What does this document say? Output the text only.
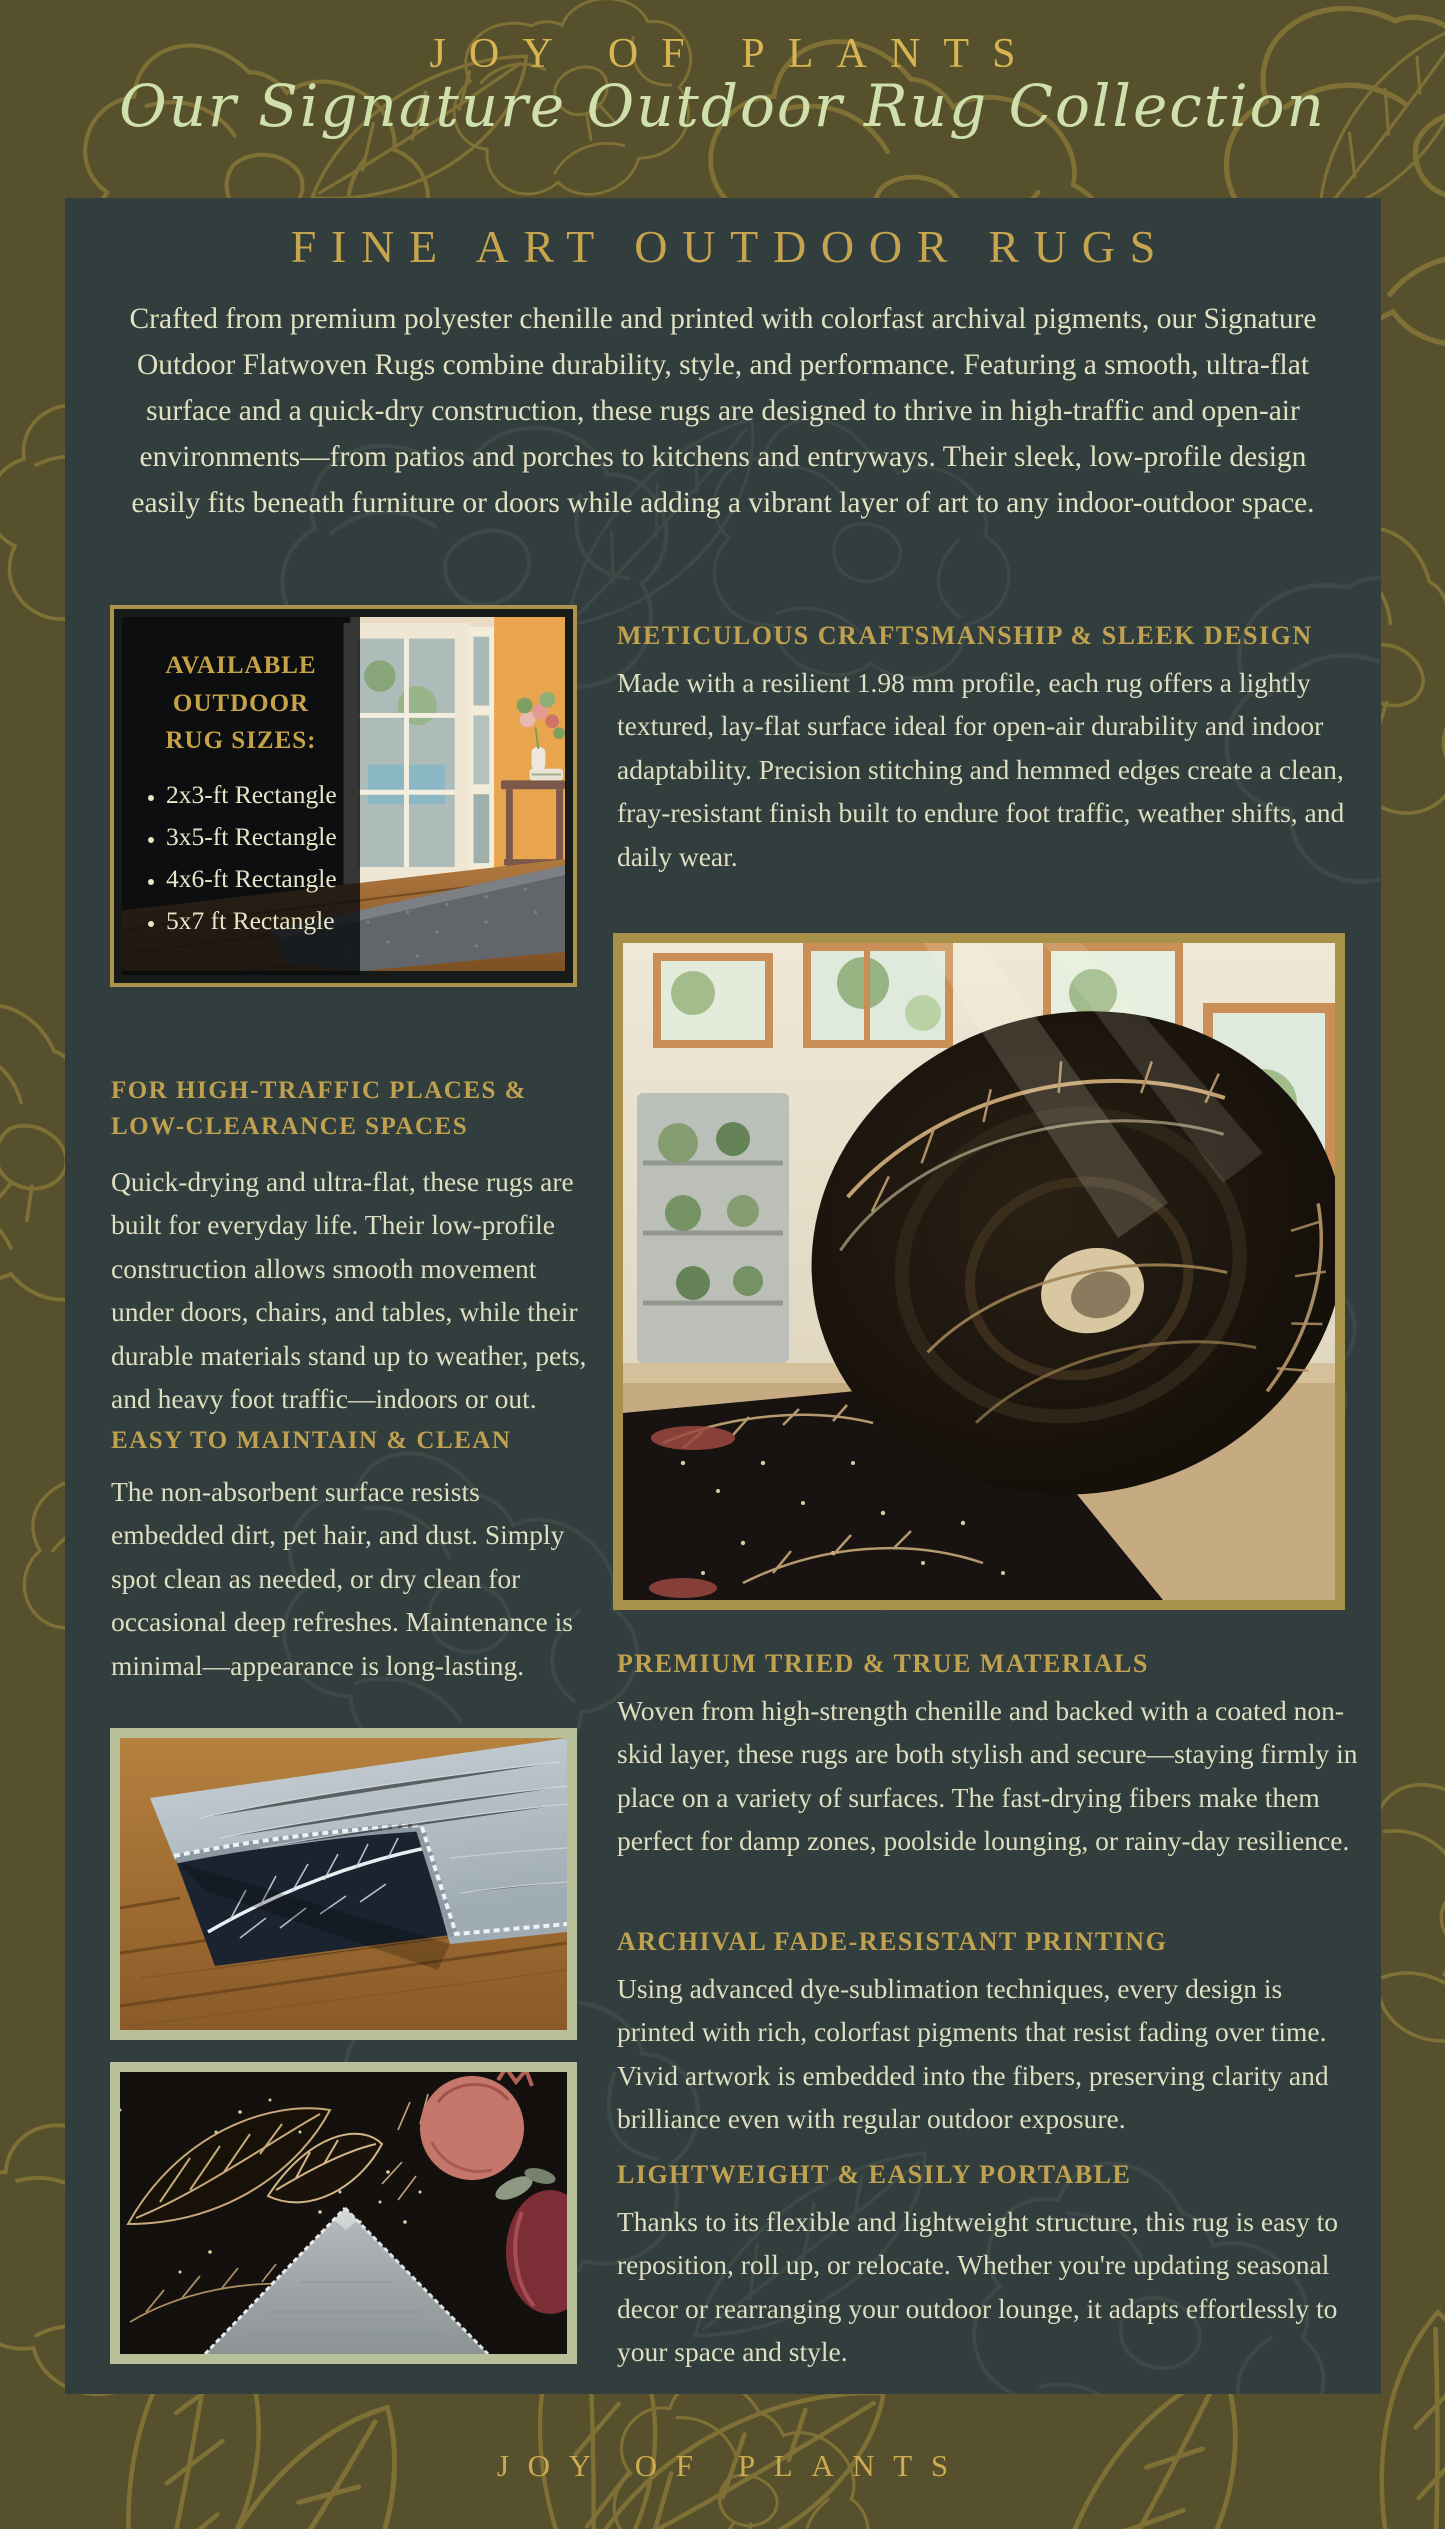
JOY OF PLANTS
Our Signature Outdoor Rug Collection
FINE ART OUTDOOR RUGS
Crafted from premium polyester chenille and printed with colorfast archival pigments, our Signature Outdoor Flatwoven Rugs combine durability, style, and performance. Featuring a smooth, ultra-flat surface and a quick-dry construction, these rugs are designed to thrive in high-traffic and open-air environments—from patios and porches to kitchens and entryways. Their sleek, low-profile design easily fits beneath furniture or doors while adding a vibrant layer of art to any indoor-outdoor space.
AVAILABLE OUTDOOR RUG SIZES:
• 2x3-ft Rectangle
• 3x5-ft Rectangle
• 4x6-ft Rectangle
• 5x7 ft Rectangle
METICULOUS CRAFTSMANSHIP & SLEEK DESIGN
Made with a resilient 1.98 mm profile, each rug offers a lightly textured, lay-flat surface ideal for open-air durability and indoor adaptability. Precision stitching and hemmed edges create a clean, fray-resistant finish built to endure foot traffic, weather shifts, and daily wear.
FOR HIGH-TRAFFIC PLACES & LOW-CLEARANCE SPACES
Quick-drying and ultra-flat, these rugs are built for everyday life. Their low-profile construction allows smooth movement under doors, chairs, and tables, while their durable materials stand up to weather, pets, and heavy foot traffic—indoors or out.
EASY TO MAINTAIN & CLEAN
The non-absorbent surface resists embedded dirt, pet hair, and dust. Simply spot clean as needed, or dry clean for occasional deep refreshes. Maintenance is minimal—appearance is long-lasting.	PREMIUM TRIED & TRUE MATERIALS
Woven from high-strength chenille and backed with a coated non-skid layer, these rugs are both stylish and secure—staying firmly in place on a variety of surfaces. The fast-drying fibers make them perfect for damp zones, poolside lounging, or rainy-day resilience.
ARCHIVAL FADE-RESISTANT PRINTING
Using advanced dye-sublimation techniques, every design is printed with rich, colorfast pigments that resist fading over time. Vivid artwork is embedded into the fibers, preserving clarity and brilliance even with regular outdoor exposure.
LIGHTWEIGHT & EASILY PORTABLE
Thanks to its flexible and lightweight structure, this rug is easy to reposition, roll up, or relocate. Whether you're updating seasonal decor or rearranging your outdoor lounge, it adapts effortlessly to your space and style.
JOY OF PLANTS
